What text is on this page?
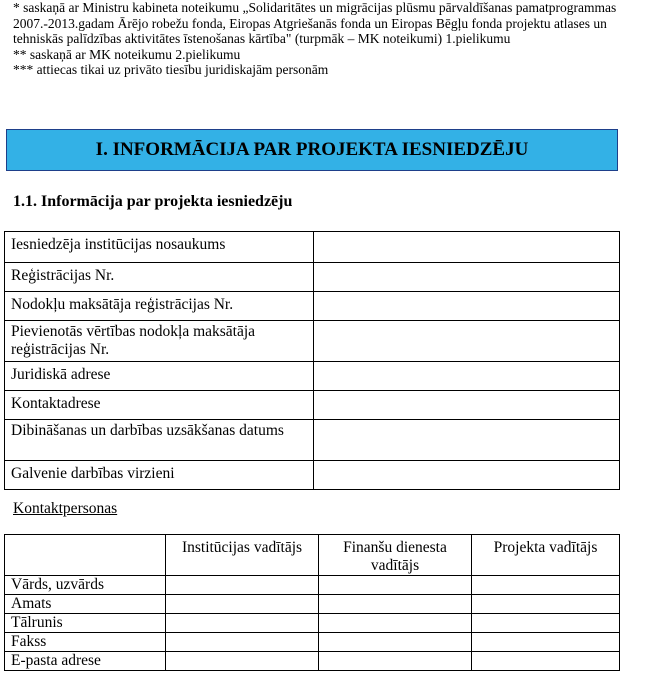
* saskaņā ar Ministru kabineta noteikumu „Solidaritātes un migrācijas plūsmu pārvaldīšanas pamatprogrammas 2007.-2013.gadam Ārējo robežu fonda, Eiropas Atgriešanās fonda un Eiropas Bēgļu fonda projektu atlases un tehniskās palīdzības aktivitātes īstenošanas kārtība" (turpmāk – MK noteikumi) 1.pielikumu
** saskaņā ar MK noteikumu 2.pielikumu
*** attiecas tikai uz privāto tiesību juridiskajām personām
I. INFORMĀCIJA PAR PROJEKTA IESNIEDZĒJU
1.1. Informācija par projekta iesniedzēju
Iesniedzēja institūcijas nosaukums	
Reģistrācijas Nr.	
Nodokļu maksātāja reģistrācijas Nr.	
Pievienotās vērtības nodokļa maksātāja reģistrācijas Nr.	
Juridiskā adrese	
Kontaktadrese	
Dibināšanas un darbības uzsākšanas datums	
Galvenie darbības virzieni	
Kontaktpersonas
	Institūcijas vadītājs	Finanšu dienesta vadītājs	Projekta vadītājs
Vārds, uzvārds			
Amats			
Tālrunis			
Fakss			
E-pasta adrese			
